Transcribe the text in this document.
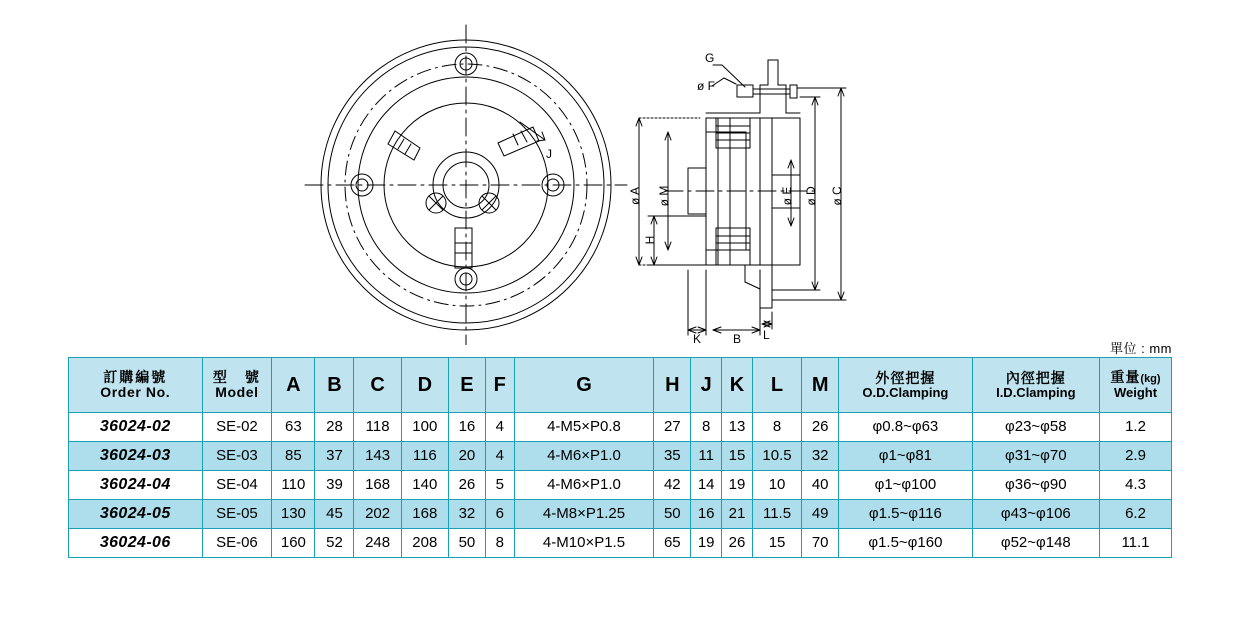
J
G
ø F
ø A ø M	ø E ø D ø C
H
K	B L
單位 : mm
訂購編號
Order No.	型　號
Model	A	B	C	D	E	F	G	H	J	K	L	M	外徑把握
O.D.Clamping	內徑把握
I.D.Clamping	重量(kg)
Weight

36024-02	SE-02	63	28	118	100	16	4	4-M5×P0.8	27	8	13	8	26	φ0.8~φ63	φ23~φ58	1.2
36024-03	SE-03	85	37	143	116	20	4	4-M6×P1.0	35	11	15	10.5	32	φ1~φ81	φ31~φ70	2.9
36024-04	SE-04	110	39	168	140	26	5	4-M6×P1.0	42	14	19	10	40	φ1~φ100	φ36~φ90	4.3
36024-05	SE-05	130	45	202	168	32	6	4-M8×P1.25	50	16	21	11.5	49	φ1.5~φ116	φ43~φ106	6.2
36024-06	SE-06	160	52	248	208	50	8	4-M10×P1.5	65	19	26	15	70	φ1.5~φ160	φ52~φ148	11.1
